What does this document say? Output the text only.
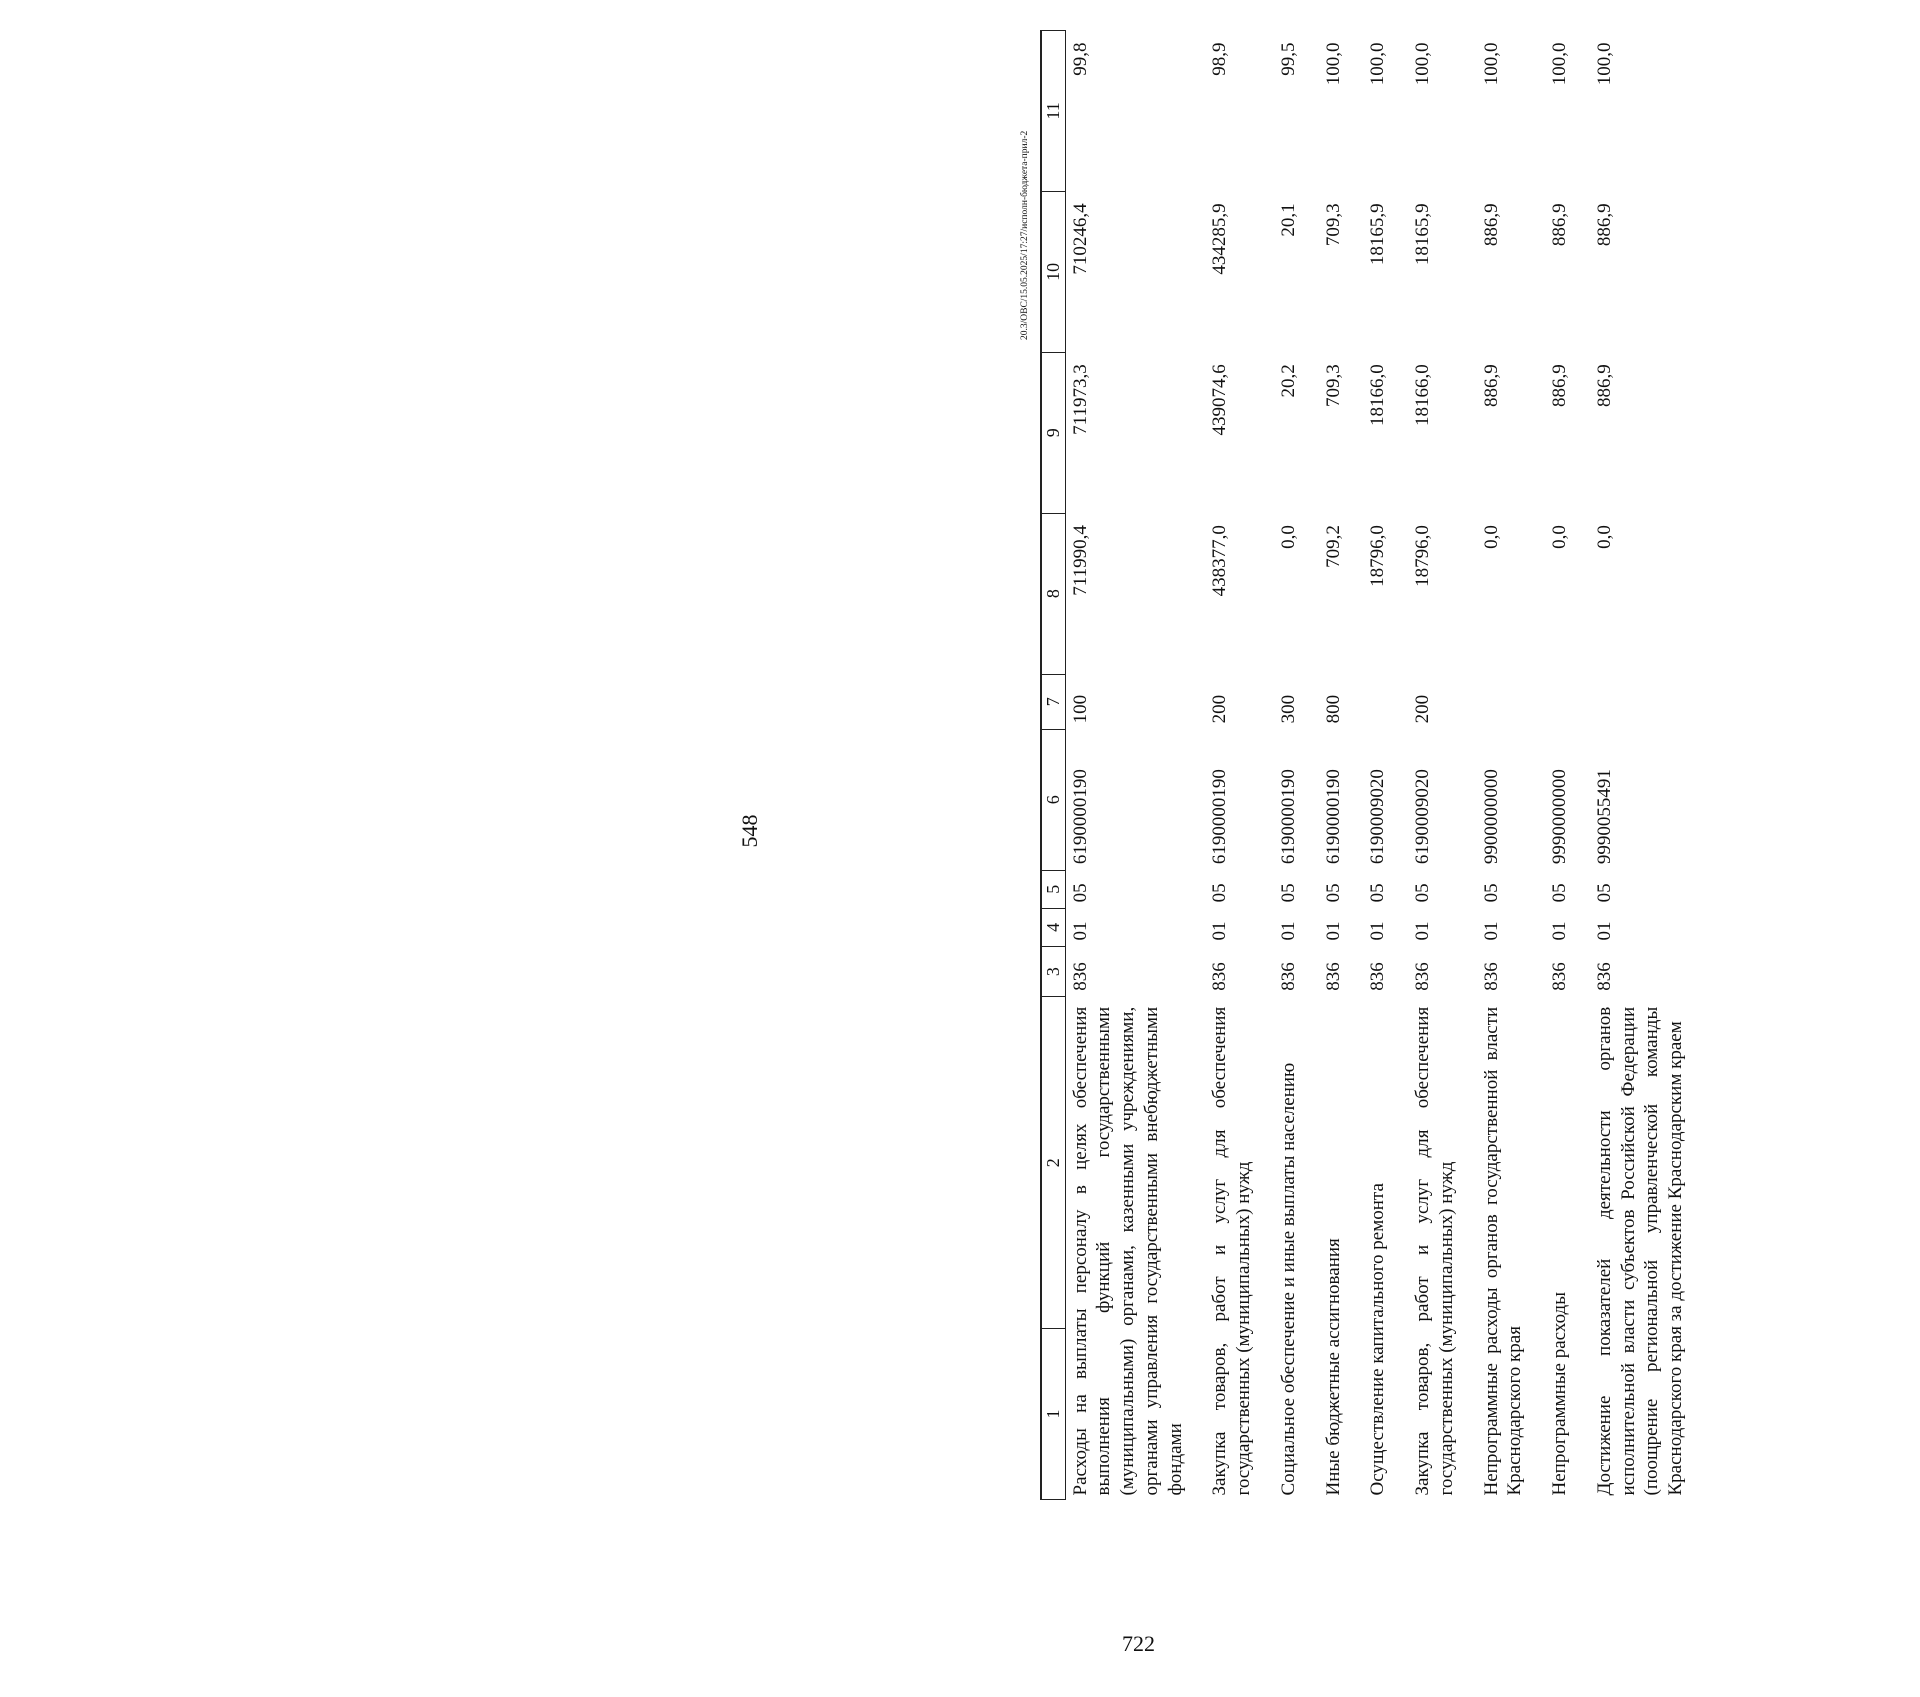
548
722
20.3/ОВС/15.05.2025/17:27/исполн-бюджета-прил-2
1	2	3	4	5	6	7	8	9	10	11
Расходы на выплаты персоналу в целях обеспечения выполнения функций государственными (муниципальными) органами, казенными учреждениями, органами управления государственными внебюджетными фондами		836	01	05	6190000190	100	711990,4	711973,3	710246,4	99,8
Закупка товаров, работ и услуг для обеспечения государственных (муниципальных) нужд		836	01	05	6190000190	200	438377,0	439074,6	434285,9	98,9
Социальное обеспечение и иные выплаты населению		836	01	05	6190000190	300	0,0	20,2	20,1	99,5
Иные бюджетные ассигнования		836	01	05	6190000190	800	709,2	709,3	709,3	100,0
Осуществление капитального ремонта		836	01	05	6190009020		18796,0	18166,0	18165,9	100,0
Закупка товаров, работ и услуг для обеспечения государственных (муниципальных) нужд		836	01	05	6190009020	200	18796,0	18166,0	18165,9	100,0
Непрограммные расходы органов государственной власти Краснодарского края		836	01	05	9900000000		0,0	886,9	886,9	100,0
Непрограммные расходы		836	01	05	9990000000		0,0	886,9	886,9	100,0
Достижение показателей деятельности органов исполнительной власти субъектов Российской Федерации (поощрение региональной управленческой команды Краснодарского края за достижение Краснодарским краем		836	01	05	9990055491		0,0	886,9	886,9	100,0
